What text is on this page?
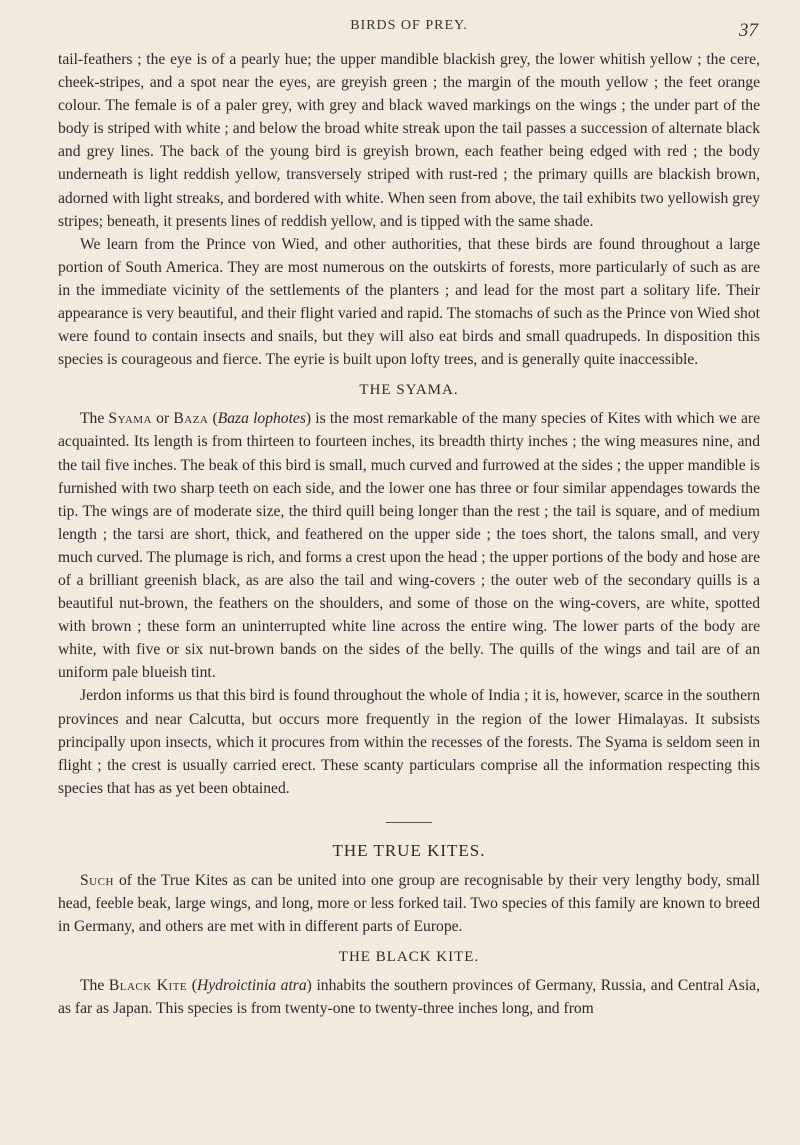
BIRDS OF PREY.	37

tail-feathers ; the eye is of a pearly hue; the upper mandible blackish grey, the lower whitish yellow ; the cere, cheek-stripes, and a spot near the eyes, are greyish green ; the margin of the mouth yellow ; the feet orange colour. The female is of a paler grey, with grey and black waved markings on the wings ; the under part of the body is striped with white ; and below the broad white streak upon the tail passes a succession of alternate black and grey lines. The back of the young bird is greyish brown, each feather being edged with red ; the body underneath is light reddish yellow, transversely striped with rust-red ; the primary quills are blackish brown, adorned with light streaks, and bordered with white. When seen from above, the tail exhibits two yellowish grey stripes; beneath, it presents lines of reddish yellow, and is tipped with the same shade.

We learn from the Prince von Wied, and other authorities, that these birds are found throughout a large portion of South America. They are most numerous on the outskirts of forests, more particularly of such as are in the immediate vicinity of the settlements of the planters ; and lead for the most part a solitary life. Their appearance is very beautiful, and their flight varied and rapid. The stomachs of such as the Prince von Wied shot were found to contain insects and snails, but they will also eat birds and small quadrupeds. In disposition this species is courageous and fierce. The eyrie is built upon lofty trees, and is generally quite inaccessible.

THE SYAMA.

The Syama or Baza (Baza lophotes) is the most remarkable of the many species of Kites with which we are acquainted. Its length is from thirteen to fourteen inches, its breadth thirty inches ; the wing measures nine, and the tail five inches. The beak of this bird is small, much curved and furrowed at the sides ; the upper mandible is furnished with two sharp teeth on each side, and the lower one has three or four similar appendages towards the tip. The wings are of moderate size, the third quill being longer than the rest ; the tail is square, and of medium length ; the tarsi are short, thick, and feathered on the upper side ; the toes short, the talons small, and very much curved. The plumage is rich, and forms a crest upon the head ; the upper portions of the body and hose are of a brilliant greenish black, as are also the tail and wing-covers ; the outer web of the secondary quills is a beautiful nut-brown, the feathers on the shoulders, and some of those on the wing-covers, are white, spotted with brown ; these form an uninterrupted white line across the entire wing. The lower parts of the body are white, with five or six nut-brown bands on the sides of the belly. The quills of the wings and tail are of an uniform pale blueish tint.

Jerdon informs us that this bird is found throughout the whole of India ; it is, however, scarce in the southern provinces and near Calcutta, but occurs more frequently in the region of the lower Himalayas. It subsists principally upon insects, which it procures from within the recesses of the forests. The Syama is seldom seen in flight ; the crest is usually carried erect. These scanty particulars comprise all the information respecting this species that has as yet been obtained.

THE TRUE KITES.

Such of the True Kites as can be united into one group are recognisable by their very lengthy body, small head, feeble beak, large wings, and long, more or less forked tail. Two species of this family are known to breed in Germany, and others are met with in different parts of Europe.

THE BLACK KITE.

The Black Kite (Hydroictinia atra) inhabits the southern provinces of Germany, Russia, and Central Asia, as far as Japan. This species is from twenty-one to twenty-three inches long, and from
